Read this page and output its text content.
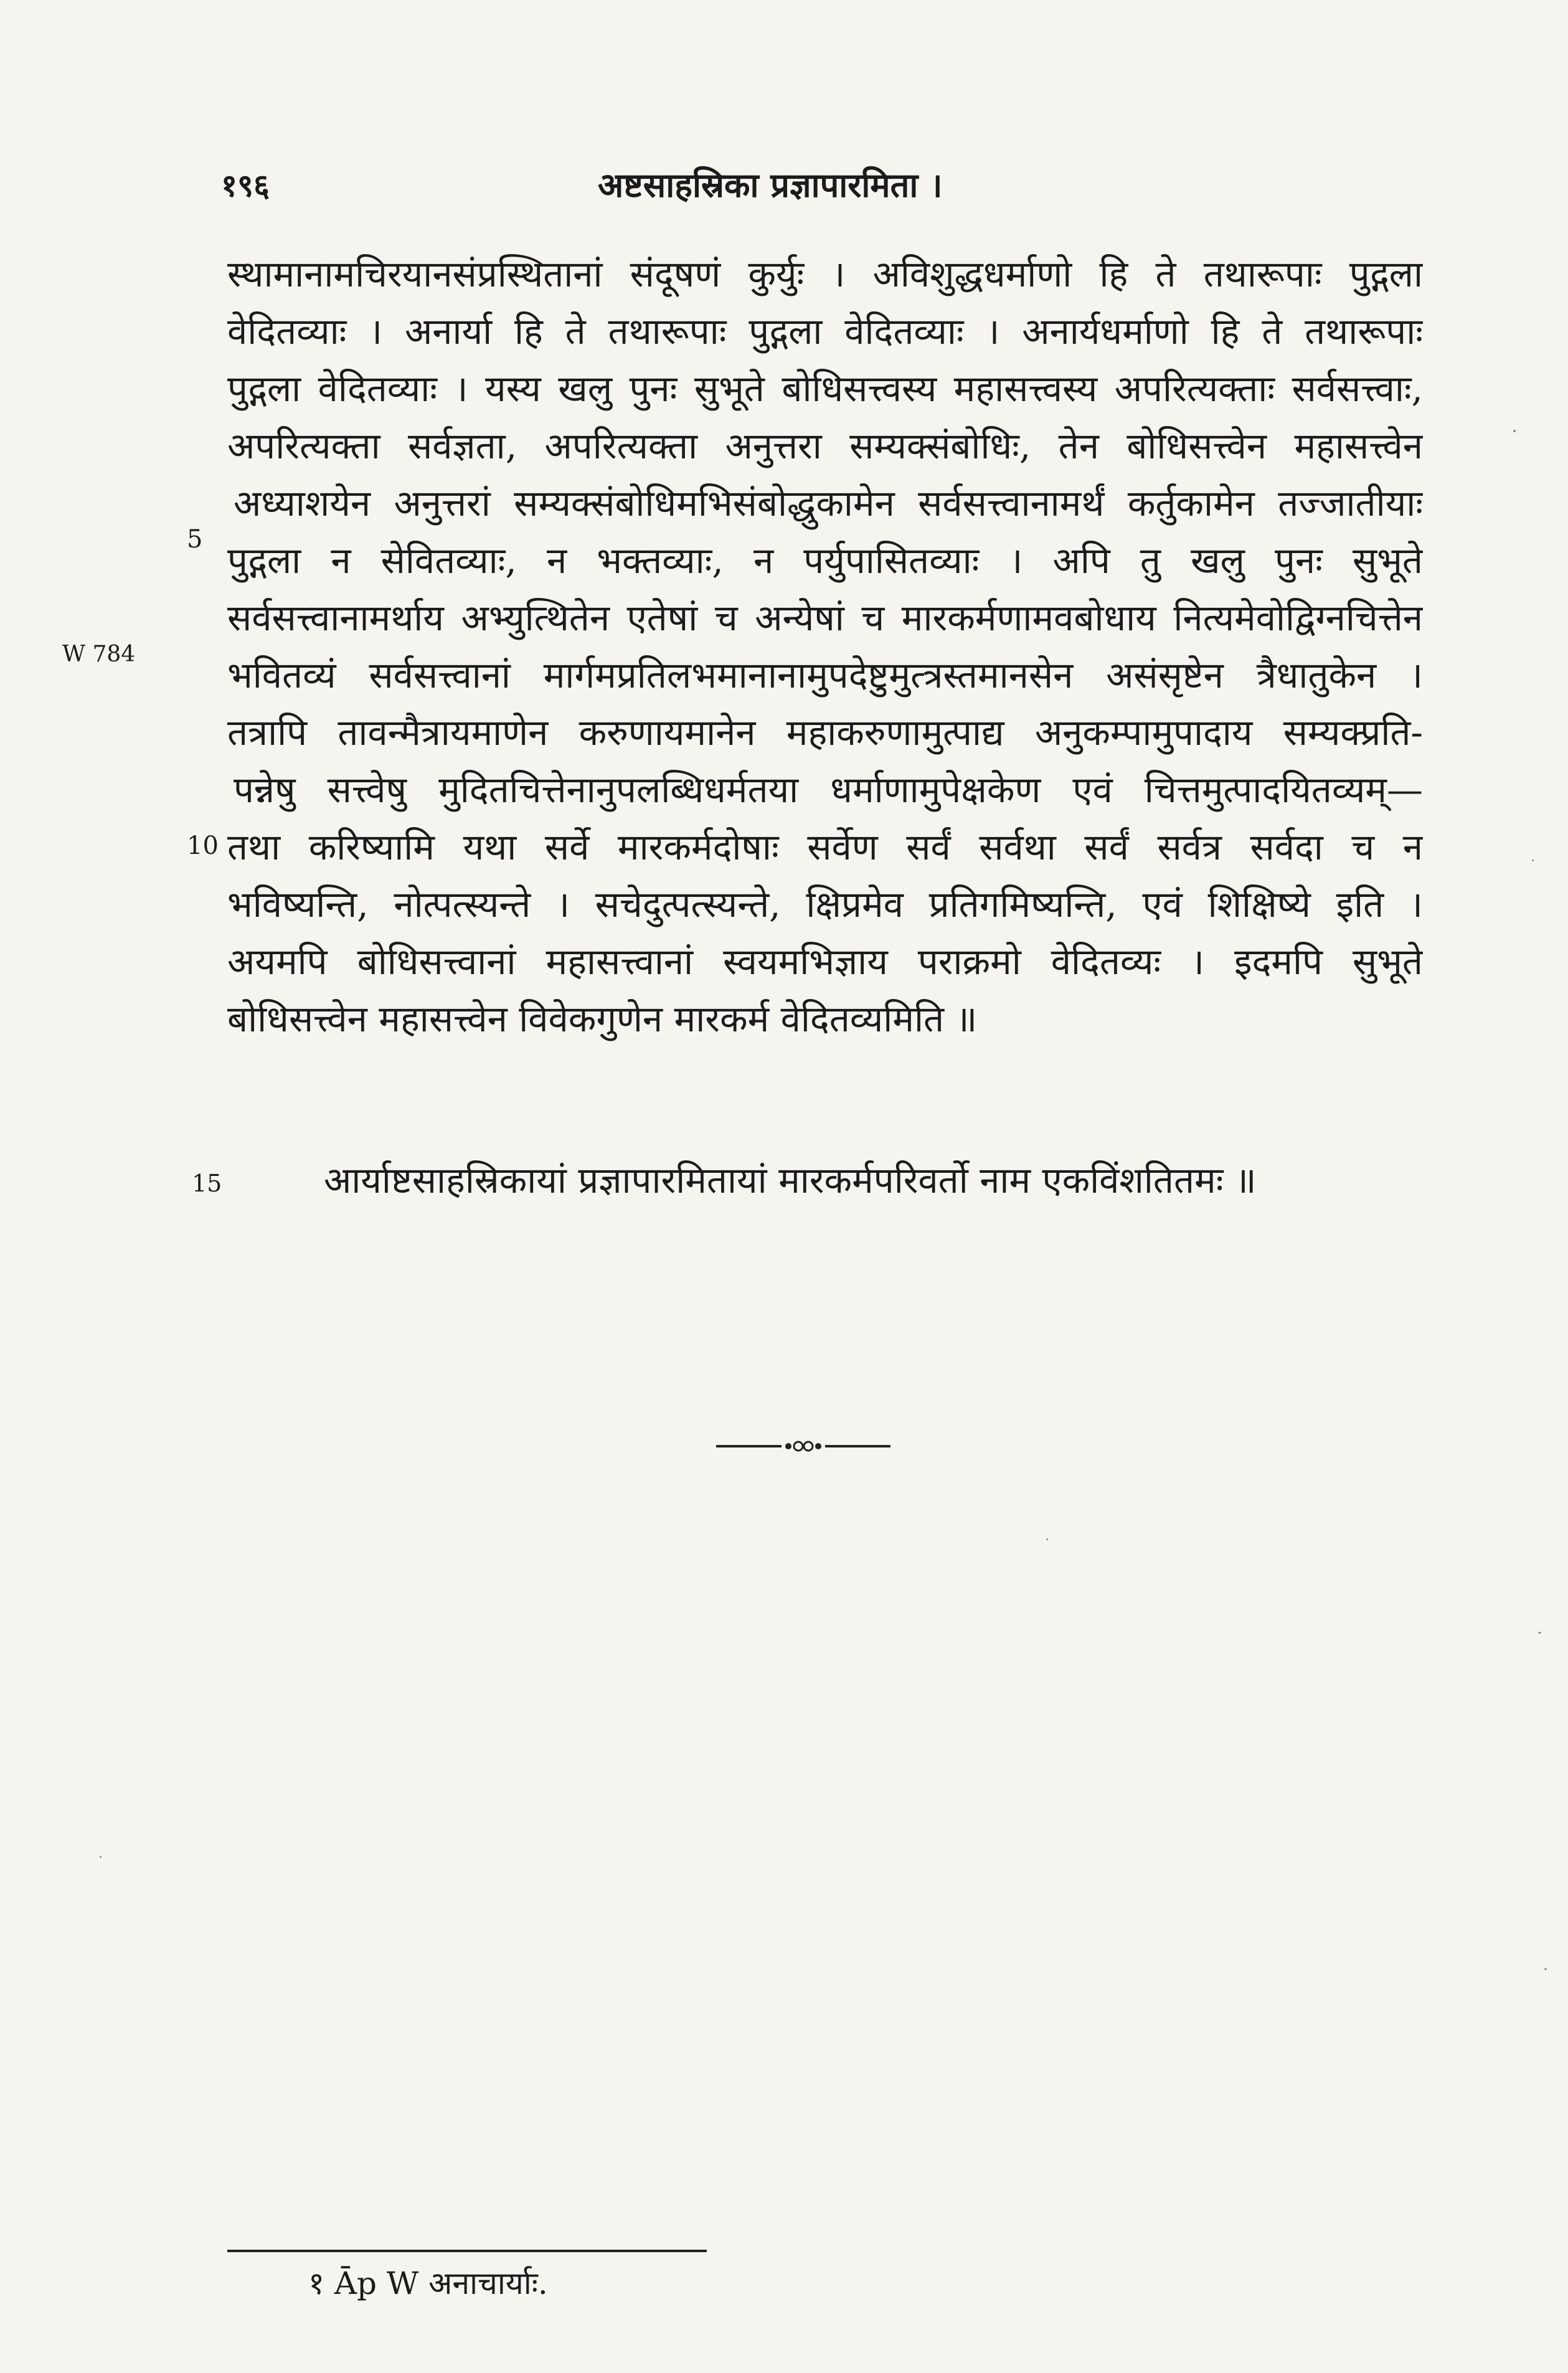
१९६	अष्टसाहस्रिका प्रज्ञापारमिता ।
W 784
स्थामानामचिरयानसंप्रस्थितानां संदूषणं कुर्युः । अविशुद्धधर्माणो हि ते तथारूपाः पुद्गला
वेदितव्याः । अनार्या हि ते तथारूपाः पुद्गला वेदितव्याः । अनार्यधर्माणो हि ते तथारूपाः
पुद्गला वेदितव्याः । यस्य खलु पुनः सुभूते बोधिसत्त्वस्य महासत्त्वस्य अपरित्यक्ताः सर्वसत्त्वाः,
अपरित्यक्ता सर्वज्ञता, अपरित्यक्ता अनुत्तरा सम्यक्संबोधिः, तेन बोधिसत्त्वेन महासत्त्वेन
5
अध्याशयेन अनुत्तरां सम्यक्संबोधिमभिसंबोद्धुकामेन सर्वसत्त्वानामर्थं कर्तुकामेन तज्जातीयाः
पुद्गला न सेवितव्याः, न भक्तव्याः, न पर्युपासितव्याः । अपि तु खलु पुनः सुभूते
सर्वसत्त्वानामर्थाय अभ्युत्थितेन एतेषां च अन्येषां च मारकर्मणामवबोधाय नित्यमेवोद्विग्नचित्तेन
भवितव्यं सर्वसत्त्वानां मार्गमप्रतिलभमानानामुपदेष्टुमुत्त्रस्तमानसेन असंसृष्टेन त्रैधातुकेन ।
तत्रापि तावन्मैत्रायमाणेन करुणायमानेन महाकरुणामुत्पाद्य अनुकम्पामुपादाय सम्यक्प्रति-
10
पन्नेषु सत्त्वेषु मुदितचित्तेनानुपलब्धिधर्मतया धर्माणामुपेक्षकेण एवं चित्तमुत्पादयितव्यम्—
तथा करिष्यामि यथा सर्वे मारकर्मदोषाः सर्वेण सर्वं सर्वथा सर्वं सर्वत्र सर्वदा च न
भविष्यन्ति, नोत्पत्स्यन्ते । सचेदुत्पत्स्यन्ते, क्षिप्रमेव प्रतिगमिष्यन्ति, एवं शिक्षिष्ये इति ।
अयमपि बोधिसत्त्वानां महासत्त्वानां स्वयमभिज्ञाय पराक्रमो वेदितव्यः । इदमपि सुभूते
बोधिसत्त्वेन महासत्त्वेन विवेकगुणेन मारकर्म वेदितव्यमिति ॥
15	आर्याष्टसाहस्रिकायां प्रज्ञापारमितायां मारकर्मपरिवर्तो नाम एकविंशतितमः ॥
१ Āp W अनाचार्याः.
